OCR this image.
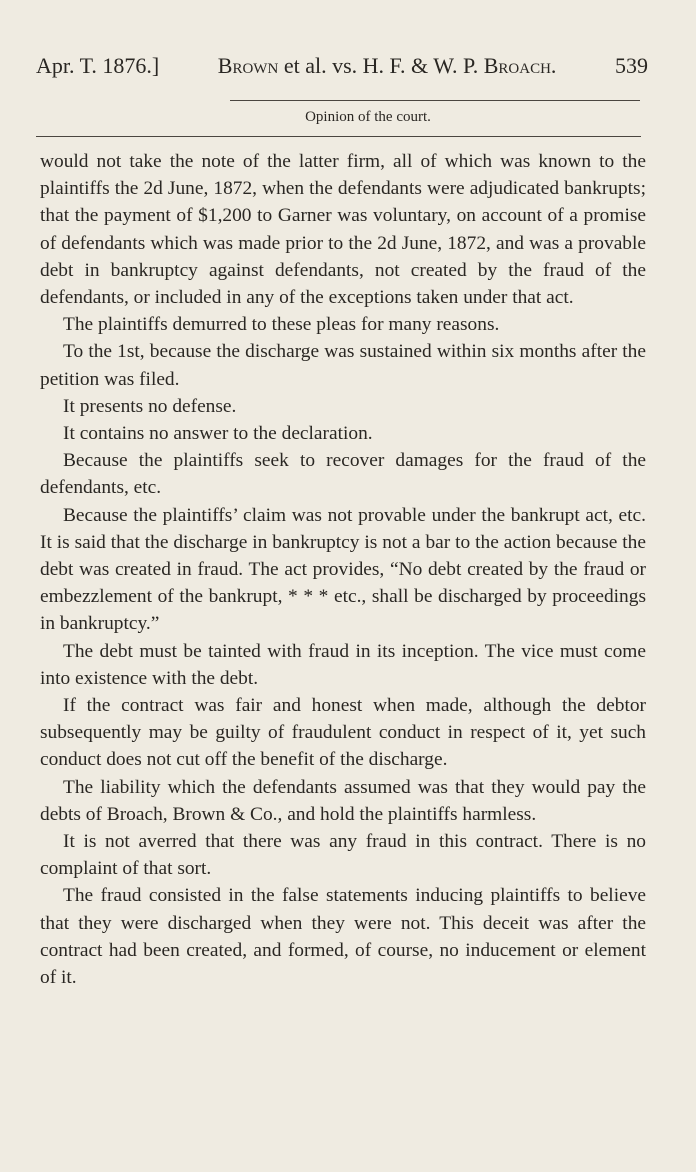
Apr. T. 1876.]	Brown et al. vs. H. F. & W. P. Broach.	539
Opinion of the court.

would not take the note of the latter firm, all of which was known to the plaintiffs the 2d June, 1872, when the defendants were adjudicated bankrupts; that the payment of $1,200 to Garner was voluntary, on account of a promise of defendants which was made prior to the 2d June, 1872, and was a provable debt in bankruptcy against defendants, not created by the fraud of the defendants, or included in any of the exceptions taken under that act.

The plaintiffs demurred to these pleas for many reasons.

To the 1st, because the discharge was sustained within six months after the petition was filed.

It presents no defense.

It contains no answer to the declaration.

Because the plaintiffs seek to recover damages for the fraud of the defendants, etc.

Because the plaintiffs’ claim was not provable under the bankrupt act, etc. It is said that the discharge in bankruptcy is not a bar to the action because the debt was created in fraud. The act provides, “No debt created by the fraud or embezzlement of the bankrupt, * * * etc., shall be discharged by proceedings in bankruptcy.”

The debt must be tainted with fraud in its inception. The vice must come into existence with the debt.

If the contract was fair and honest when made, although the debtor subsequently may be guilty of fraudulent conduct in respect of it, yet such conduct does not cut off the benefit of the discharge.

The liability which the defendants assumed was that they would pay the debts of Broach, Brown & Co., and hold the plaintiffs harmless.

It is not averred that there was any fraud in this contract. There is no complaint of that sort.

The fraud consisted in the false statements inducing plaintiffs to believe that they were discharged when they were not. This deceit was after the contract had been created, and formed, of course, no inducement or element of it.
